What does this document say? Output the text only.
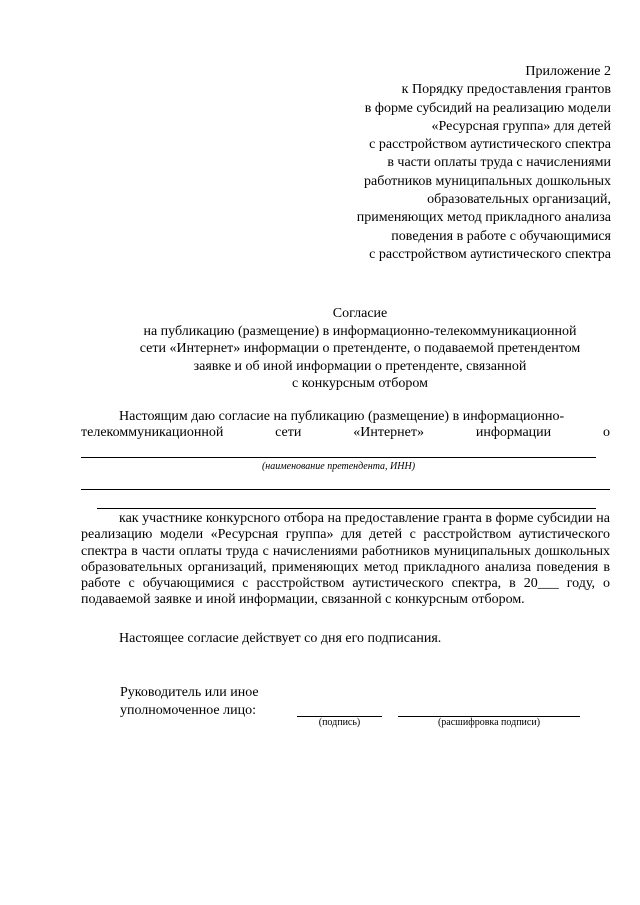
Приложение 2
к Порядку предоставления грантов
в форме субсидий на реализацию модели
«Ресурсная группа» для детей
с расстройством аутистического спектра
в части оплаты труда с начислениями
работников муниципальных дошкольных
образовательных организаций,
применяющих метод прикладного анализа
поведения в работе с обучающимися
с расстройством аутистического спектра
Согласие
на публикацию (размещение) в информационно-телекоммуникационной
сети «Интернет» информации о претенденте, о подаваемой претендентом
заявке и об иной информации о претенденте, связанной
с конкурсным отбором
Настоящим даю согласие на публикацию (размещение) в информационно-
телекоммуникационной	сети	«Интернет»	информации	о
(наименование претендента, ИНН)
как участнике конкурсного отбора на предоставление гранта в форме субсидии на реализацию модели «Ресурсная группа» для детей с расстройством аутистического спектра в части оплаты труда с начислениями работников муниципальных дошкольных образовательных организаций, применяющих метод прикладного анализа поведения в работе с обучающимися с расстройством аутистического спектра, в 20___ году, о подаваемой заявке и иной информации, связанной с конкурсным отбором.
Настоящее согласие действует со дня его подписания.
Руководитель или иное
уполномоченное лицо:
(подпись)	(расшифровка подписи)
